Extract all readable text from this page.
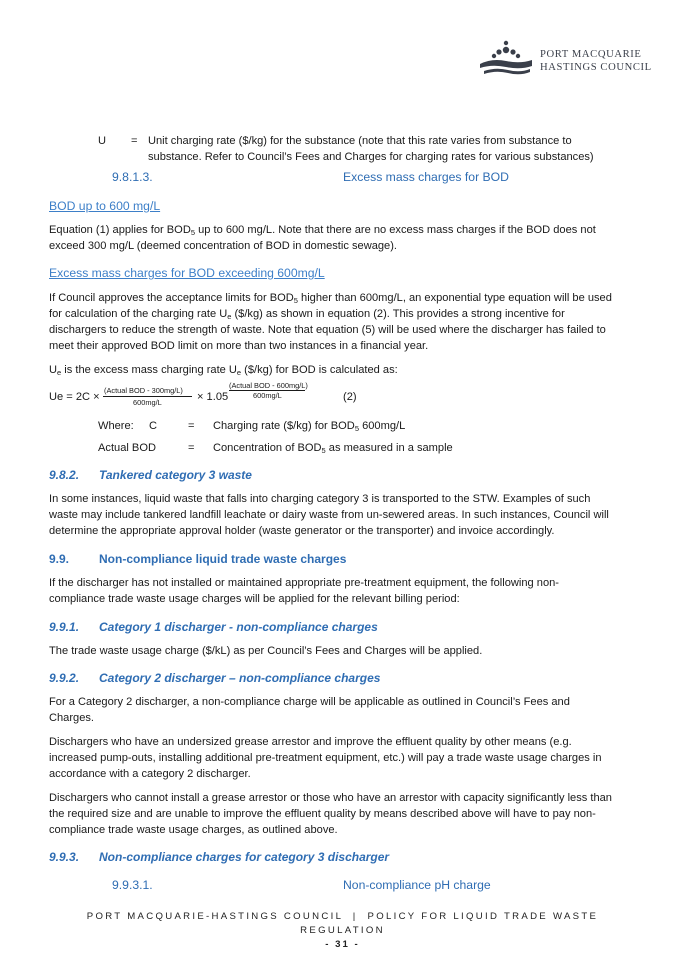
PORT MACQUARIE
HASTINGS COUNCIL
U = Unit charging rate ($/kg) for the substance (note that this rate varies from substance to
substance. Refer to Council’s Fees and Charges for charging rates for various substances)
9.8.1.3.	Excess mass charges for BOD
BOD up to 600 mg/L
Equation (1) applies for $BOD_5$ up to 600 mg/L. Note that there are no excess mass charges if the BOD does not
exceed 300 mg/L (deemed concentration of BOD in domestic sewage).
Excess mass charges for BOD exceeding 600mg/L
If Council approves the acceptance limits for $BOD_5$ higher than 600mg/L, an exponential type equation will be used
for calculation of the charging rate $U_e$ ($/kg) as shown in equation (2). This provides a strong incentive for
dischargers to reduce the strength of waste. Note that equation (5) will be used where the discharger has failed to
meet their approved BOD limit on more than two instances in a financial year.
$U_e$ is the excess mass charging rate $U_e$ ($/kg) for BOD is calculated as:
Ue = 2C ×
(Actual BOD - 300mg/L)
600mg/L	× 1.05
(Actual BOD - 600mg/L)
600mg/L	(2)
Where: C	= Charging rate ($/kg) for $BOD_5$ 600mg/L
Actual BOD	= Concentration of $BOD_5$ as measured in a sample
9.8.2. Tankered category 3 waste
In some instances, liquid waste that falls into charging category 3 is transported to the STW. Examples of such
waste may include tankered landfill leachate or dairy waste from un-sewered areas. In such instances, Council will
determine the appropriate approval holder (waste generator or the transporter) and invoice accordingly.
9.9. Non-compliance liquid trade waste charges
If the discharger has not installed or maintained appropriate pre-treatment equipment, the following non-
compliance trade waste usage charges will be applied for the relevant billing period:
9.9.1. Category 1 discharger - non-compliance charges
The trade waste usage charge ($/kL) as per Council’s Fees and Charges will be applied.
9.9.2. Category 2 discharger – non-compliance charges
For a Category 2 discharger, a non-compliance charge will be applicable as outlined in Council’s Fees and
Charges.
Dischargers who have an undersized grease arrestor and improve the effluent quality by other means (e.g.
increased pump-outs, installing additional pre-treatment equipment, etc.) will pay a trade waste usage charges in
accordance with a category 2 discharger.
Dischargers who cannot install a grease arrestor or those who have an arrestor with capacity significantly less than
the required size and are unable to improve the effluent quality by means described above will have to pay non-
compliance trade waste usage charges, as outlined above.
9.9.3. Non-compliance charges for category 3 discharger
9.9.3.1.	Non-compliance pH charge
PORT MACQUARIE-HASTINGS COUNCIL  |  POLICY FOR LIQUID TRADE WASTE
REGULATION
- 31 -
